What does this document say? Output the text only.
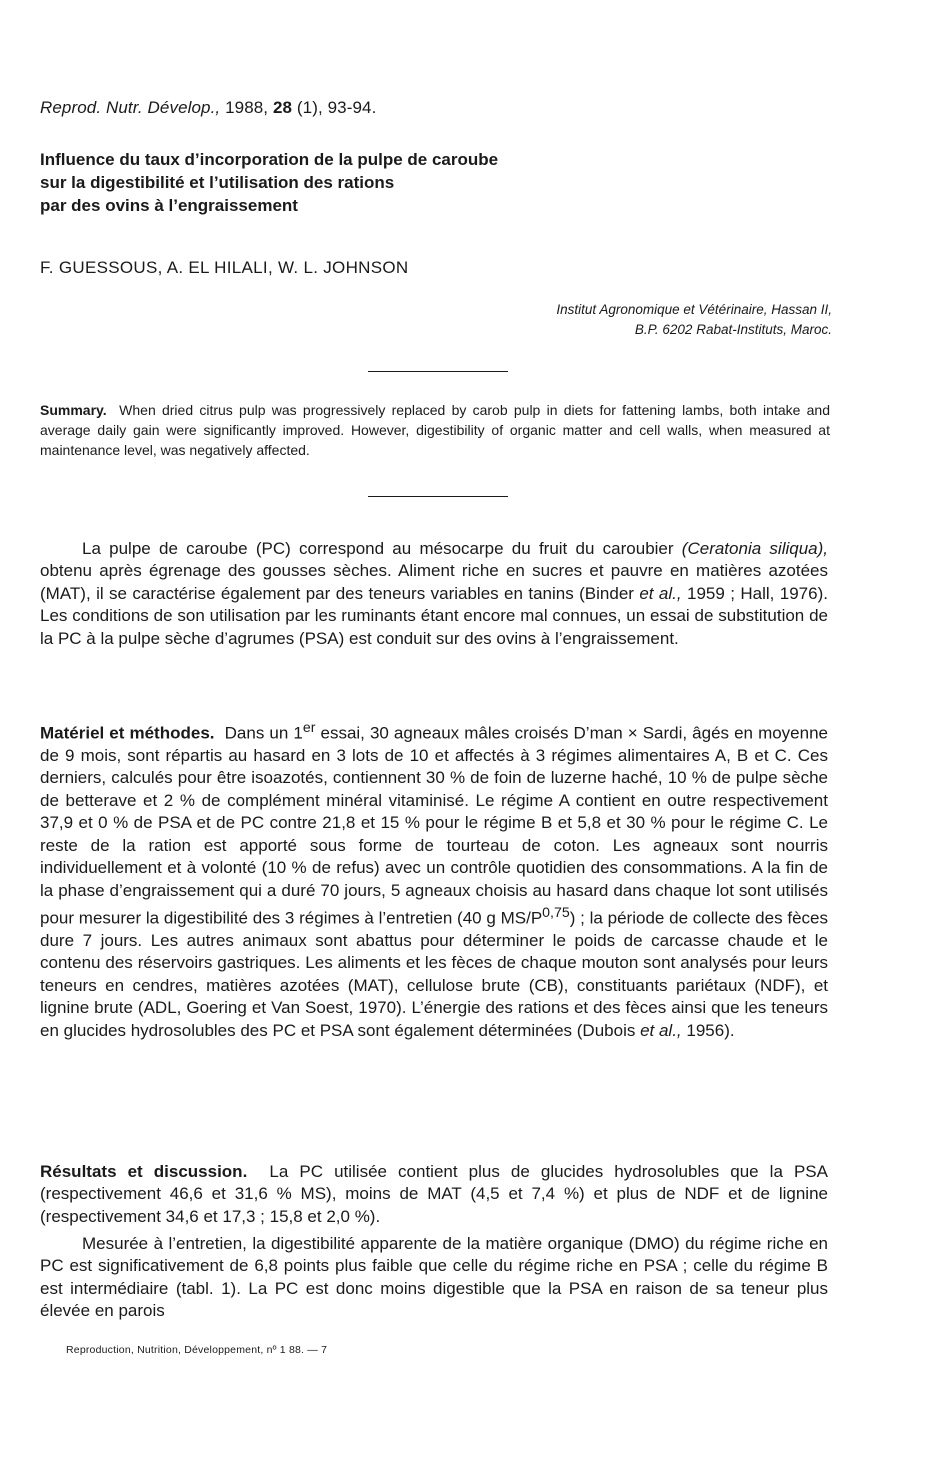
Reprod. Nutr. Dévelop., 1988, 28 (1), 93-94.
Influence du taux d’incorporation de la pulpe de caroube
sur la digestibilité et l’utilisation des rations
par des ovins à l’engraissement
F. GUESSOUS, A. EL HILALI, W. L. JOHNSON
Institut Agronomique et Vétérinaire, Hassan II,
B.P. 6202 Rabat-Instituts, Maroc.

Summary. When dried citrus pulp was progressively replaced by carob pulp in diets for fattening lambs, both intake and average daily gain were significantly improved. However, digestibility of organic matter and cell walls, when measured at maintenance level, was negatively affected.

La pulpe de caroube (PC) correspond au mésocarpe du fruit du caroubier (Ceratonia siliqua), obtenu après égrenage des gousses sèches. Aliment riche en sucres et pauvre en matières azotées (MAT), il se caractérise également par des teneurs variables en tanins (Binder et al., 1959 ; Hall, 1976). Les conditions de son utilisation par les ruminants étant encore mal connues, un essai de substitution de la PC à la pulpe sèche d’agrumes (PSA) est conduit sur des ovins à l’engraissement.

Matériel et méthodes. Dans un 1er essai, 30 agneaux mâles croisés D’man × Sardi, âgés en moyenne de 9 mois, sont répartis au hasard en 3 lots de 10 et affectés à 3 régimes alimentaires A, B et C. Ces derniers, calculés pour être isoazotés, contiennent 30 % de foin de luzerne haché, 10 % de pulpe sèche de betterave et 2 % de complément minéral vitaminisé. Le régime A contient en outre respectivement 37,9 et 0 % de PSA et de PC contre 21,8 et 15 % pour le régime B et 5,8 et 30 % pour le régime C. Le reste de la ration est apporté sous forme de tourteau de coton. Les agneaux sont nourris individuellement et à volonté (10 % de refus) avec un contrôle quotidien des consommations. A la fin de la phase d’engraissement qui a duré 70 jours, 5 agneaux choisis au hasard dans chaque lot sont utilisés pour mesurer la digestibilité des 3 régimes à l’entretien (40 g $MS/P^{0,75}$) ; la période de collecte des fèces dure 7 jours. Les autres animaux sont abattus pour déterminer le poids de carcasse chaude et le contenu des réservoirs gastriques. Les aliments et les fèces de chaque mouton sont analysés pour leurs teneurs en cendres, matières azotées (MAT), cellulose brute (CB), constituants pariétaux (NDF), et lignine brute (ADL, Goering et Van Soest, 1970). L’énergie des rations et des fèces ainsi que les teneurs en glucides hydrosolubles des PC et PSA sont également déterminées (Dubois et al., 1956).

Résultats et discussion. La PC utilisée contient plus de glucides hydrosolubles que la PSA (respectivement 46,6 et 31,6 % MS), moins de MAT (4,5 et 7,4 %) et plus de NDF et de lignine (respectivement 34,6 et 17,3 ; 15,8 et 2,0 %).

Mesurée à l’entretien, la digestibilité apparente de la matière organique (DMO) du régime riche en PC est significativement de 6,8 points plus faible que celle du régime riche en PSA ; celle du régime B est intermédiaire (tabl. 1). La PC est donc moins digestible que la PSA en raison de sa teneur plus élevée en parois

Reproduction, Nutrition, Développement, nº 1 88. — 7
